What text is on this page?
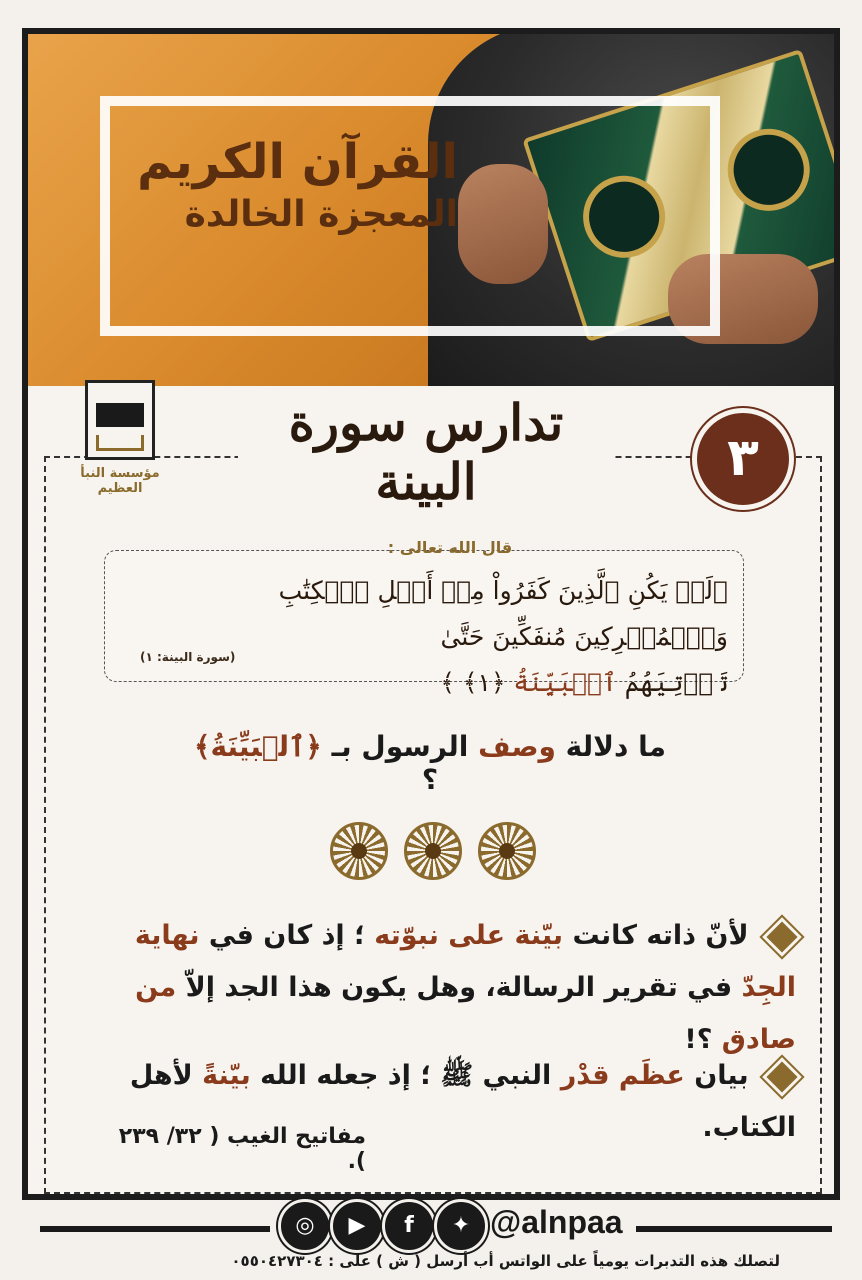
القرآن الكريم
المعجزة الخالدة
مؤسسة النبأ العظيم
تدارس سورة البينة	٣
قال الله تعالى :
﴿لَمۡ يَكُنِ ٱلَّذِينَ كَفَرُواْ مِنۡ أَهۡلِ ٱلۡكِتَٰبِ وَٱلۡمُشۡرِكِينَ مُنفَكِّينَ حَتَّىٰ
تَأۡتِيَهُمُ ٱلۡبَيِّنَةُ ﴿١﴾ ﴾
(سورة البينة: ١)
ما دلالة وصف الرسول بـ ﴿ٱلۡبَيِّنَةُ﴾ ؟
لأنّ ذاته كانت بيّنة على نبوّته ؛ إذ كان في نهاية الجِدّ في تقرير الرسالة، وهل يكون هذا الجد إلاّ من صادق ؟!
بيان عظَم قدْر النبي ﷺ ؛ إذ جعله الله بيّنةً لأهل الكتاب.
مفاتيح الغيب ( ٣٢/ ٢٣٩ ).
◎	▶	f	✦ @alnpaa
لتصلك هذه التدبرات يومياً على الواتس أب أرسل ( ش ) على : ٠٥٥٠٤٢٧٣٠٤
